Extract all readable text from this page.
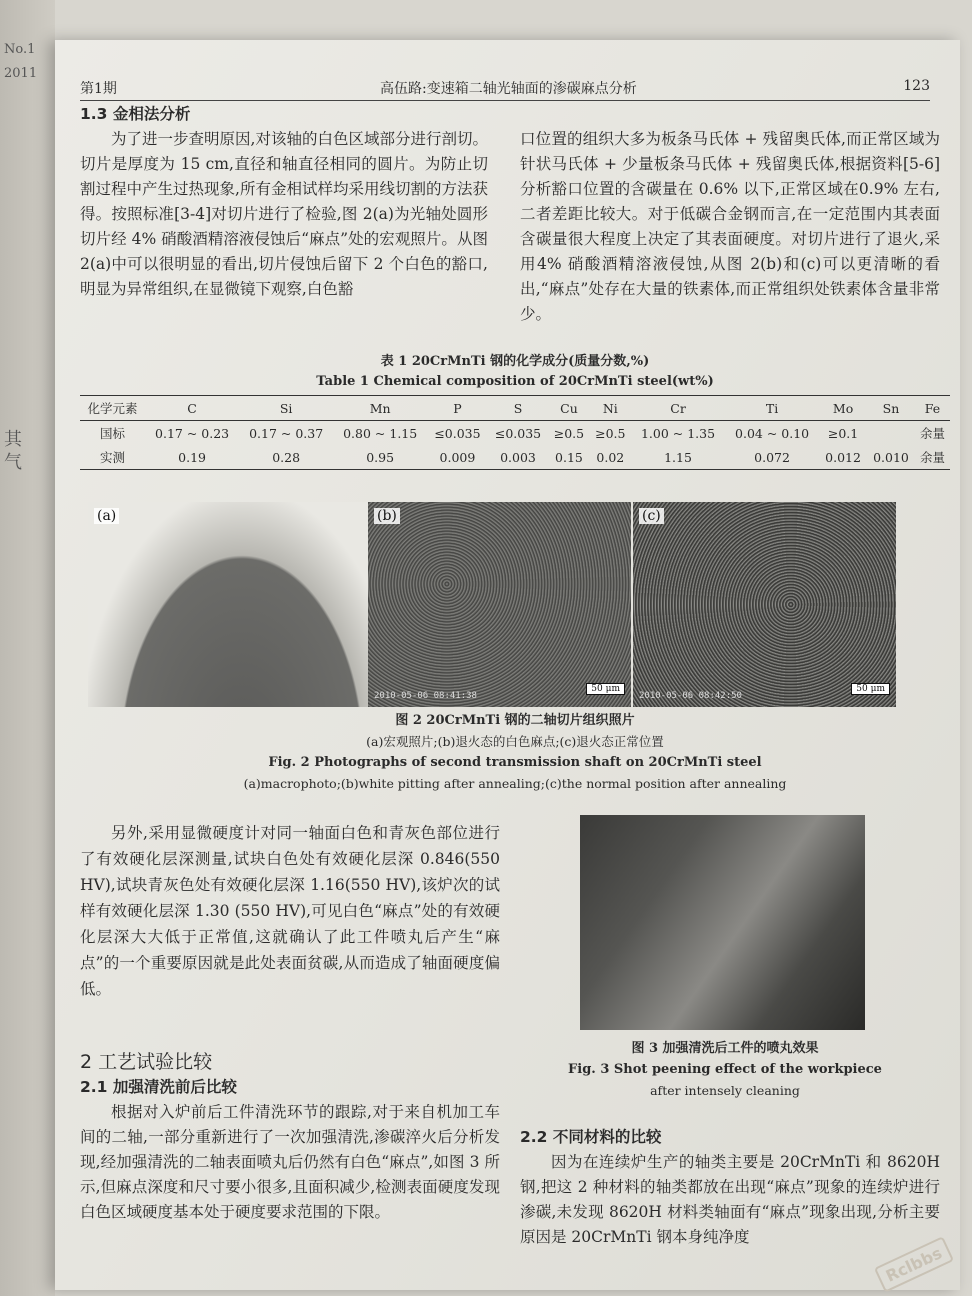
No.1
2011
其
气
第1期	高伍路:变速箱二轴光轴面的渗碳麻点分析	123
1.3 金相法分析

为了进一步查明原因,对该轴的白色区域部分进行剖切。切片是厚度为 15 cm,直径和轴直径相同的圆片。为防止切割过程中产生过热现象,所有金相试样均采用线切割的方法获得。按照标准[3-4]对切片进行了检验,图 2(a)为光轴处圆形切片经 4% 硝酸酒精溶液侵蚀后“麻点”处的宏观照片。从图 2(a)中可以很明显的看出,切片侵蚀后留下 2 个白色的豁口,明显为异常组织,在显微镜下观察,白色豁

口位置的组织大多为板条马氏体 + 残留奥氏体,而正常区域为针状马氏体 + 少量板条马氏体 + 残留奥氏体,根据资料[5-6]分析豁口位置的含碳量在 0.6% 以下,正常区域在0.9% 左右,二者差距比较大。对于低碳合金钢而言,在一定范围内其表面含碳量很大程度上决定了其表面硬度。对切片进行了退火,采用4% 硝酸酒精溶液侵蚀,从图 2(b)和(c)可以更清晰的看出,“麻点”处存在大量的铁素体,而正常组织处铁素体含量非常少。
表 1 20CrMnTi 钢的化学成分(质量分数,%)
Table 1 Chemical composition of 20CrMnTi steel(wt%)
化学元素	C	Si	Mn	P	S	Cu	Ni	Cr	Ti	Mo	Sn	Fe
国标	0.17 ~ 0.23	0.17 ~ 0.37	0.80 ~ 1.15	≤0.035	≤0.035	≥0.5	≥0.5	1.00 ~ 1.35	0.04 ~ 0.10	≥0.1		余量
实测	0.19	0.28	0.95	0.009	0.003	0.15	0.02	1.15	0.072	0.012	0.010	余量
(a)	(b)
2010-05-06 08:41:38
50 μm
(c)
2010-05-06 08:42:50
50 μm
图 2 20CrMnTi 钢的二轴切片组织照片
(a)宏观照片;(b)退火态的白色麻点;(c)退火态正常位置
Fig. 2 Photographs of second transmission shaft on 20CrMnTi steel
(a)macrophoto;(b)white pitting after annealing;(c)the normal position after annealing

另外,采用显微硬度计对同一轴面白色和青灰色部位进行了有效硬化层深测量,试块白色处有效硬化层深 0.846(550 HV),试块青灰色处有效硬化层深 1.16(550 HV),该炉次的试样有效硬化层深 1.30 (550 HV),可见白色“麻点”处的有效硬化层深大大低于正常值,这就确认了此工件喷丸后产生“麻点”的一个重要原因就是此处表面贫碳,从而造成了轴面硬度偏低。

2 工艺试验比较
2.1 加强清洗前后比较

根据对入炉前后工件清洗环节的跟踪,对于来自机加工车间的二轴,一部分重新进行了一次加强清洗,渗碳淬火后分析发现,经加强清洗的二轴表面喷丸后仍然有白色“麻点”,如图 3 所示,但麻点深度和尺寸要小很多,且面积减少,检测表面硬度发现白色区域硬度基本处于硬度要求范围的下限。

图 3 加强清洗后工件的喷丸效果
Fig. 3 Shot peening effect of the workpiece
after intensely cleaning
2.2 不同材料的比较

因为在连续炉生产的轴类主要是 20CrMnTi 和 8620H 钢,把这 2 种材料的轴类都放在出现“麻点”现象的连续炉进行渗碳,未发现 8620H 材料类轴面有“麻点”现象出现,分析主要原因是 20CrMnTi 钢本身纯净度

Rclbbs
